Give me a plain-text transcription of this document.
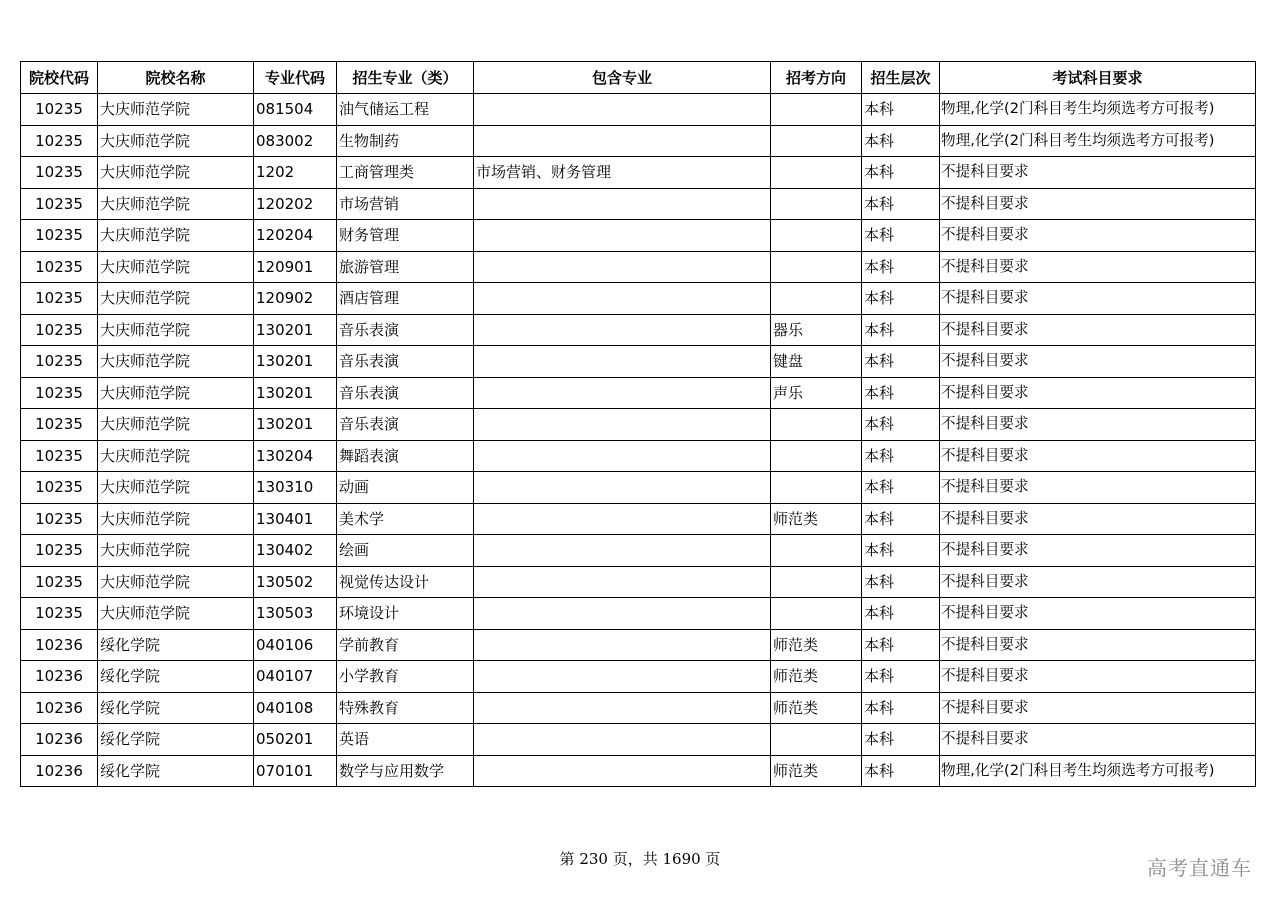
院校代码	院校名称	专业代码	招生专业（类）	包含专业	招考方向	招生层次	考试科目要求
10235	大庆师范学院	081504	油气储运工程			本科	物理,化学(2门科目考生均须选考方可报考)
10235	大庆师范学院	083002	生物制药			本科	物理,化学(2门科目考生均须选考方可报考)
10235	大庆师范学院	1202	工商管理类	市场营销、财务管理		本科	不提科目要求
10235	大庆师范学院	120202	市场营销			本科	不提科目要求
10235	大庆师范学院	120204	财务管理			本科	不提科目要求
10235	大庆师范学院	120901	旅游管理			本科	不提科目要求
10235	大庆师范学院	120902	酒店管理			本科	不提科目要求
10235	大庆师范学院	130201	音乐表演		器乐	本科	不提科目要求
10235	大庆师范学院	130201	音乐表演		键盘	本科	不提科目要求
10235	大庆师范学院	130201	音乐表演		声乐	本科	不提科目要求
10235	大庆师范学院	130201	音乐表演			本科	不提科目要求
10235	大庆师范学院	130204	舞蹈表演			本科	不提科目要求
10235	大庆师范学院	130310	动画			本科	不提科目要求
10235	大庆师范学院	130401	美术学		师范类	本科	不提科目要求
10235	大庆师范学院	130402	绘画			本科	不提科目要求
10235	大庆师范学院	130502	视觉传达设计			本科	不提科目要求
10235	大庆师范学院	130503	环境设计			本科	不提科目要求
10236	绥化学院	040106	学前教育		师范类	本科	不提科目要求
10236	绥化学院	040107	小学教育		师范类	本科	不提科目要求
10236	绥化学院	040108	特殊教育		师范类	本科	不提科目要求
10236	绥化学院	050201	英语			本科	不提科目要求
10236	绥化学院	070101	数学与应用数学		师范类	本科	物理,化学(2门科目考生均须选考方可报考)
第 230 页，共 1690 页	高考直通车
